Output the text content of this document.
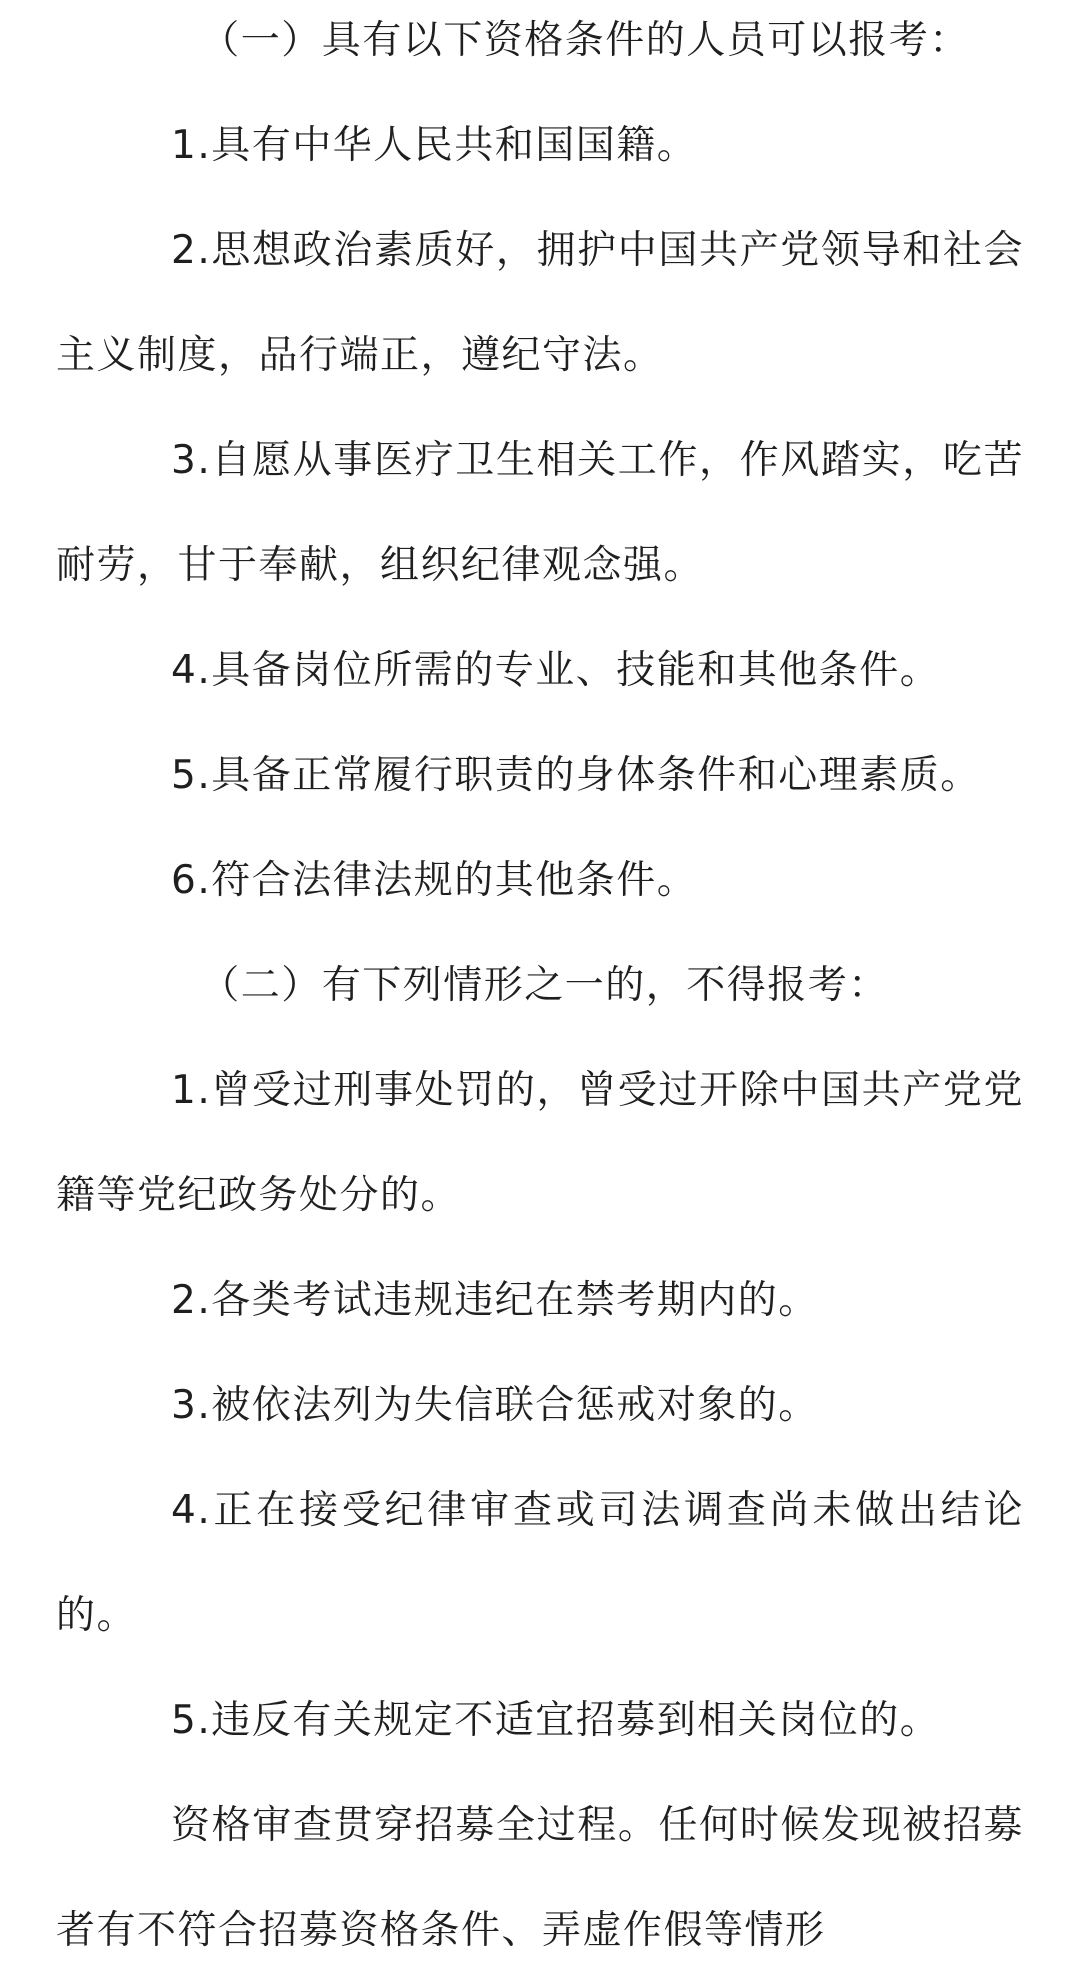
（一）具有以下资格条件的人员可以报考：

1.具有中华人民共和国国籍。

2.思想政治素质好，拥护中国共产党领导和社会主义制度，品行端正，遵纪守法。

3.自愿从事医疗卫生相关工作，作风踏实，吃苦耐劳，甘于奉献，组织纪律观念强。

4.具备岗位所需的专业、技能和其他条件。

5.具备正常履行职责的身体条件和心理素质。

6.符合法律法规的其他条件。

（二）有下列情形之一的，不得报考：

1.曾受过刑事处罚的，曾受过开除中国共产党党籍等党纪政务处分的。

2.各类考试违规违纪在禁考期内的。

3.被依法列为失信联合惩戒对象的。

4.正在接受纪律审查或司法调查尚未做出结论的。

5.违反有关规定不适宜招募到相关岗位的。

资格审查贯穿招募全过程。任何时候发现被招募者有不符合招募资格条件、弄虚作假等情形
